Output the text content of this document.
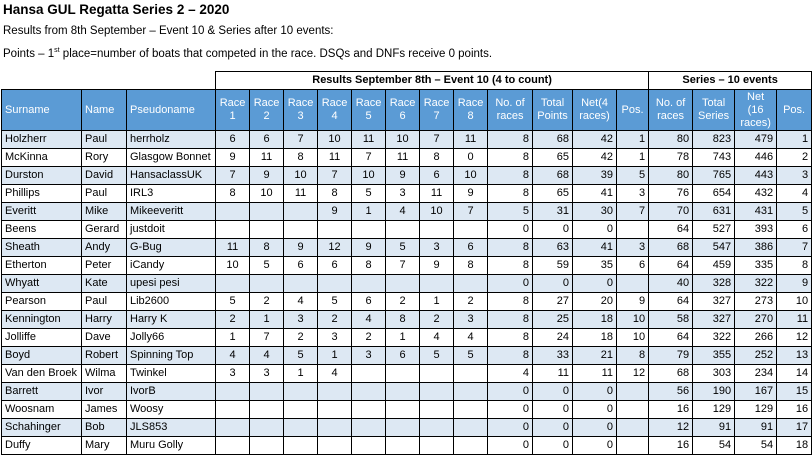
Hansa GUL Regatta Series 2 – 2020
Results from 8th September – Event 10 & Series after 10 events:
Points – 1st place=number of boats that competed in the race. DSQs and DNFs receive 0 points.
			Results September 8th – Event 10 (4 to count)												Series – 10 events			
Surname	Name	Pseudoname	Race 1	Race 2	Race 3	Race 4	Race 5	Race 6	Race 7	Race 8	No. of races	Total Points	Net(4 races)	Pos.	No. of races	Total Series	Net (16 races)	Pos.
Holzherr	Paul	herrholz	6	6	7	10	11	10	7	11	8	68	42	1	80	823	479	1
McKinna	Rory	Glasgow Bonnet	9	11	8	11	7	11	8	0	8	65	42	1	78	743	446	2
Durston	David	HansaclassUK	7	9	10	7	10	9	6	10	8	68	39	5	80	765	443	3
Phillips	Paul	IRL3	8	10	11	8	5	3	11	9	8	65	41	3	76	654	432	4
Everitt	Mike	Mikeeveritt				9	1	4	10	7	5	31	30	7	70	631	431	5
Beens	Gerard	justdoit									0	0	0		64	527	393	6
Sheath	Andy	G-Bug	11	8	9	12	9	5	3	6	8	63	41	3	68	547	386	7
Etherton	Peter	iCandy	10	5	6	6	8	7	9	8	8	59	35	6	64	459	335	8
Whyatt	Kate	upesi pesi									0	0	0		40	328	322	9
Pearson	Paul	Lib2600	5	2	4	5	6	2	1	2	8	27	20	9	64	327	273	10
Kennington	Harry	Harry K	2	1	3	2	4	8	2	3	8	25	18	10	58	327	270	11
Jolliffe	Dave	Jolly66	1	7	2	3	2	1	4	4	8	24	18	10	64	322	266	12
Boyd	Robert	Spinning Top	4	4	5	1	3	6	5	5	8	33	21	8	79	355	252	13
Van den Broek	Wilma	Twinkel	3	3	1	4					4	11	11	12	68	303	234	14
Barrett	Ivor	IvorB									0	0	0		56	190	167	15
Woosnam	James	Woosy									0	0	0		16	129	129	16
Schahinger	Bob	JLS853									0	0	0		12	91	91	17
Duffy	Mary	Muru Golly									0	0	0		16	54	54	18
